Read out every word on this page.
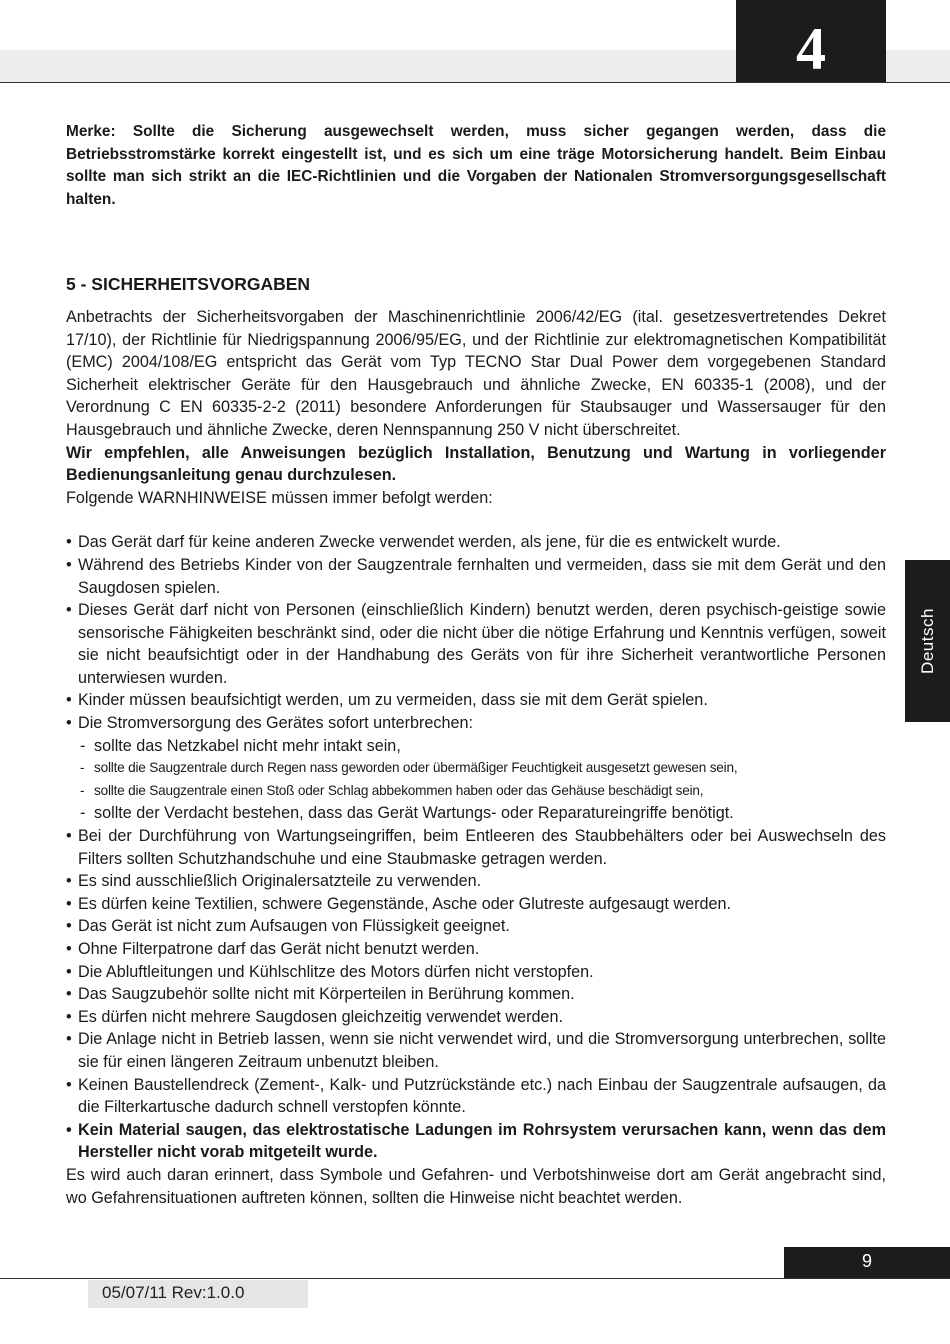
4
Deutsch

Merke: Sollte die Sicherung ausgewechselt werden, muss sicher gegangen werden, dass die Betriebsstromstärke korrekt eingestellt ist, und es sich um eine träge Motorsicherung handelt. Beim Einbau sollte man sich strikt an die IEC-Richtlinien und die Vorgaben der Nationalen Stromversorgungsgesellschaft halten.

5 - SICHERHEITSVORGABEN

Anbetrachts der Sicherheitsvorgaben der Maschinenrichtlinie 2006/42/EG (ital. gesetzesvertretendes Dekret 17/10), der Richtlinie für Niedrigspannung 2006/95/EG, und der Richtlinie zur elektromagnetischen Kompatibilität (EMC) 2004/108/EG entspricht das Gerät vom Typ TECNO Star Dual Power dem vorgegebenen Standard Sicherheit elektrischer Geräte für den Hausgebrauch und ähnliche Zwecke, EN 60335-1 (2008), und der Verordnung C EN 60335-2-2 (2011) besondere Anforderungen für Staubsauger und Wassersauger für den Hausgebrauch und ähnliche Zwecke, deren Nennspannung 250 V nicht überschreitet.

Wir empfehlen, alle Anweisungen bezüglich Installation, Benutzung und Wartung in vorliegender Bedienungsanleitung genau durchzulesen.

Folgende WARNHINWEISE müssen immer befolgt werden:

• Das Gerät darf für keine anderen Zwecke verwendet werden, als jene, für die es entwickelt wurde.
• Während des Betriebs Kinder von der Saugzentrale fernhalten und vermeiden, dass sie mit dem Gerät und den Saugdosen spielen.
• Dieses Gerät darf nicht von Personen (einschließlich Kindern) benutzt werden, deren psychisch-geistige sowie sensorische Fähigkeiten beschränkt sind, oder die nicht über die nötige Erfahrung und Kenntnis verfügen, soweit sie nicht beaufsichtigt oder in der Handhabung des Geräts von für ihre Sicherheit verantwortliche Personen unterwiesen wurden.
• Kinder müssen beaufsichtigt werden, um zu vermeiden, dass sie mit dem Gerät spielen.
• Die Stromversorgung des Gerätes sofort unterbrechen:
- sollte das Netzkabel nicht mehr intakt sein,
- sollte die Saugzentrale durch Regen nass geworden oder übermäßiger Feuchtigkeit ausgesetzt gewesen sein,
- sollte die Saugzentrale einen Stoß oder Schlag abbekommen haben oder das Gehäuse beschädigt sein,
- sollte der Verdacht bestehen, dass das Gerät Wartungs- oder Reparatureingriffe benötigt.
• Bei der Durchführung von Wartungseingriffen, beim Entleeren des Staubbehälters oder bei Auswechseln des Filters sollten Schutzhandschuhe und eine Staubmaske getragen werden.
• Es sind ausschließlich Originalersatzteile zu verwenden.
• Es dürfen keine Textilien, schwere Gegenstände, Asche oder Glutreste aufgesaugt werden.
• Das Gerät ist nicht zum Aufsaugen von Flüssigkeit geeignet.
• Ohne Filterpatrone darf das Gerät nicht benutzt werden.
• Die Abluftleitungen und Kühlschlitze des Motors dürfen nicht verstopfen.
• Das Saugzubehör sollte nicht mit Körperteilen in Berührung kommen.
• Es dürfen nicht mehrere Saugdosen gleichzeitig verwendet werden.
• Die Anlage nicht in Betrieb lassen, wenn sie nicht verwendet wird, und die Stromversorgung unterbrechen, sollte sie für einen längeren Zeitraum unbenutzt bleiben.
• Keinen Baustellendreck (Zement-, Kalk- und Putzrückstände etc.) nach Einbau der Saugzentrale aufsaugen, da die Filterkartusche dadurch schnell verstopfen könnte.
• Kein Material saugen, das elektrostatische Ladungen im Rohrsystem verursachen kann, wenn das dem Hersteller nicht vorab mitgeteilt wurde.

Es wird auch daran erinnert, dass Symbole und Gefahren- und Verbotshinweise dort am Gerät angebracht sind, wo Gefahrensituationen auftreten können, sollten die Hinweise nicht beachtet werden.

9
05/07/11 Rev:1.0.0
